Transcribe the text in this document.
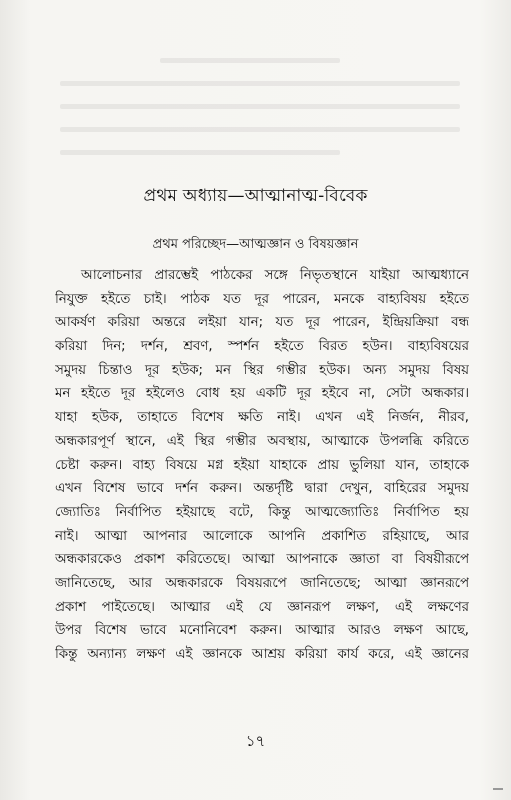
প্রথম অধ্যায়—আত্মানাত্ম-বিবেক
প্রথম পরিচ্ছেদ—আত্মজ্ঞান ও বিষয়জ্ঞান
আলোচনার প্রারম্ভেই পাঠকের সঙ্গে নিভৃতস্থানে যাইয়া আত্মধ্যানে
নিযুক্ত হইতে চাই। পাঠক যত দূর পারেন, মনকে বাহ্যবিষয় হইতে
আকর্ষণ করিয়া অন্তরে লইয়া যান; যত দূর পারেন, ইন্দ্রিয়ক্রিয়া বন্ধ
করিয়া দিন; দর্শন, শ্রবণ, স্পর্শন হইতে বিরত হউন। বাহ্যবিষয়ের
সমুদয় চিন্তাও দূর হউক; মন স্থির গম্ভীর হউক। অন্য সমুদয় বিষয়
মন হইতে দূর হইলেও বোধ হয় একটি দূর হইবে না, সেটা অন্ধকার।
যাহা হউক, তাহাতে বিশেষ ক্ষতি নাই। এখন এই নির্জন, নীরব,
অন্ধকারপূর্ণ স্থানে, এই স্থির গম্ভীর অবস্থায়, আত্মাকে উপলব্ধি করিতে
চেষ্টা করুন। বাহ্য বিষয়ে মগ্ন হইয়া যাহাকে প্রায় ভুলিয়া যান, তাহাকে
এখন বিশেষ ভাবে দর্শন করুন। অন্তর্দৃষ্টি দ্বারা দেখুন, বাহিরের সমুদয়
জ্যোতিঃ নির্বাপিত হইয়াছে বটে, কিন্তু আত্মজ্যোতিঃ নির্বাপিত হয়
নাই। আত্মা আপনার আলোকে আপনি প্রকাশিত রহিয়াছে, আর
অন্ধকারকেও প্রকাশ করিতেছে। আত্মা আপনাকে জ্ঞাতা বা বিষয়ীরূপে
জানিতেছে, আর অন্ধকারকে বিষয়রূপে জানিতেছে; আত্মা জ্ঞানরূপে
প্রকাশ পাইতেছে। আত্মার এই যে জ্ঞানরূপ লক্ষণ, এই লক্ষণের
উপর বিশেষ ভাবে মনোনিবেশ করুন। আত্মার আরও লক্ষণ আছে,
কিন্তু অন্যান্য লক্ষণ এই জ্ঞানকে আশ্রয় করিয়া কার্য করে, এই জ্ঞানের
১৭
